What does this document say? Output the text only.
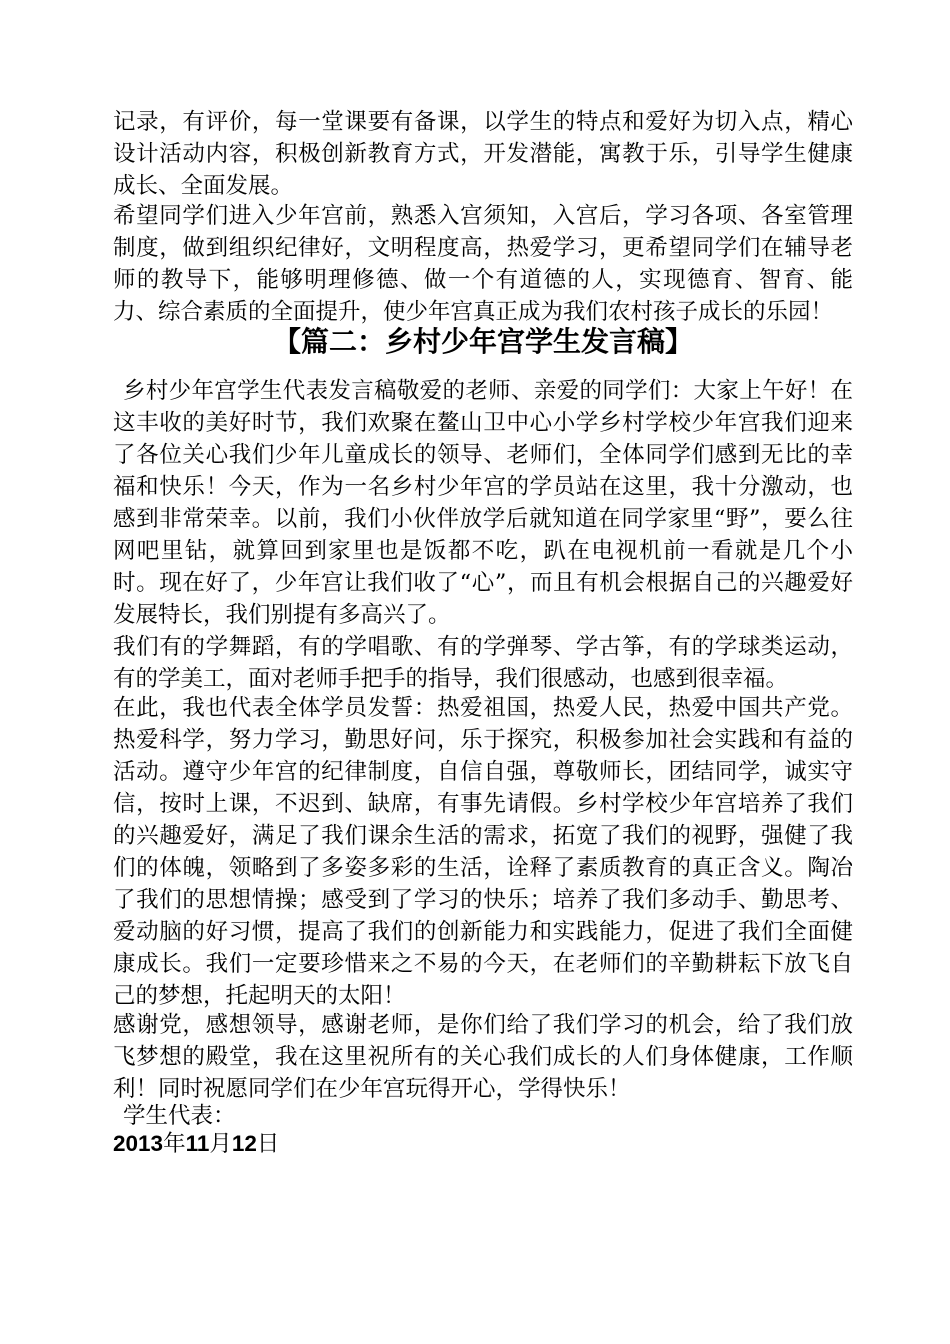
记录，有评价，每一堂课要有备课，以学生的特点和爱好为切入点，精心设计活动内容，积极创新教育方式，开发潜能，寓教于乐，引导学生健康成长、全面发展。

希望同学们进入少年宫前，熟悉入宫须知，入宫后，学习各项、各室管理制度，做到组织纪律好，文明程度高，热爱学习，更希望同学们在辅导老师的教导下，能够明理修德、做一个有道德的人，实现德育、智育、能力、综合素质的全面提升，使少年宫真正成为我们农村孩子成长的乐园！

【篇二：乡村少年宫学生发言稿】

乡村少年宫学生代表发言稿敬爱的老师、亲爱的同学们：大家上午好！在这丰收的美好时节，我们欢聚在鳌山卫中心小学乡村学校少年宫我们迎来了各位关心我们少年儿童成长的领导、老师们，全体同学们感到无比的幸福和快乐！今天，作为一名乡村少年宫的学员站在这里，我十分激动，也感到非常荣幸。以前，我们小伙伴放学后就知道在同学家里“野”，要么往网吧里钻，就算回到家里也是饭都不吃，趴在电视机前一看就是几个小时。现在好了，少年宫让我们收了“心”，而且有机会根据自己的兴趣爱好发展特长，我们别提有多高兴了。

我们有的学舞蹈，有的学唱歌、有的学弹琴、学古筝，有的学球类运动，有的学美工，面对老师手把手的指导，我们很感动，也感到很幸福。

在此，我也代表全体学员发誓：热爱祖国，热爱人民，热爱中国共产党。热爱科学，努力学习，勤思好问，乐于探究，积极参加社会实践和有益的活动。遵守少年宫的纪律制度，自信自强，尊敬师长，团结同学，诚实守信，按时上课，不迟到、缺席，有事先请假。乡村学校少年宫培养了我们的兴趣爱好，满足了我们课余生活的需求，拓宽了我们的视野，强健了我们的体魄，领略到了多姿多彩的生活，诠释了素质教育的真正含义。陶冶了我们的思想情操；感受到了学习的快乐；培养了我们多动手、勤思考、爱动脑的好习惯，提高了我们的创新能力和实践能力，促进了我们全面健康成长。我们一定要珍惜来之不易的今天，在老师们的辛勤耕耘下放飞自己的梦想，托起明天的太阳！

感谢党，感想领导，感谢老师，是你们给了我们学习的机会，给了我们放飞梦想的殿堂，我在这里祝所有的关心我们成长的人们身体健康，工作顺利！同时祝愿同学们在少年宫玩得开心，学得快乐！

学生代表：

2013年11月12日
